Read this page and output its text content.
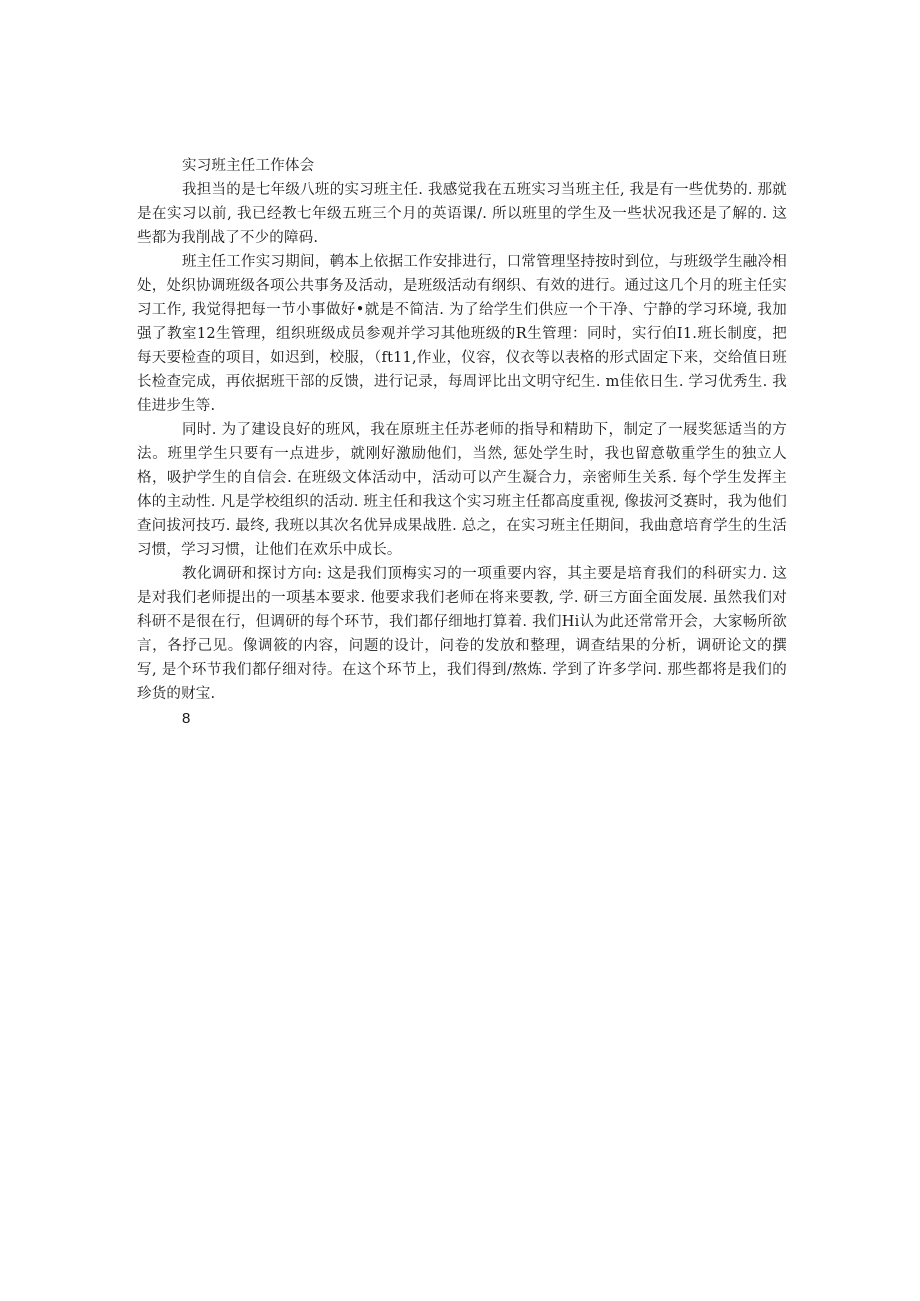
实习班主任工作体会

我担当的是七年级八班的实习班主任. 我感觉我在五班实习当班主任, 我是有一些优势的. 那就是在实习以前, 我已经教七年级五班三个月的英语课/. 所以班里的学生及一些状况我还是了解的. 这些都为我削战了不少的障码.

班主任工作实习期间，鹌本上依据工作安排进行，口常管理坚持按时到位，与班级学生融冷相处，处织协调班级各项公共事务及活动，是班级活动有纲织、有效的进行。通过这几个月的班主任实习工作, 我觉得把每一节小事做好•就是不简洁. 为了给学生们供应一个干净、宁静的学习环境, 我加强了教室12生管理，组织班级成员参观并学习其他班级的R生管理：同时，实行伯I1.班长制度，把每天要检查的项目，如迟到，校服，（ft11,作业，仪容，仪衣等以表格的形式固定下来，交给值日班长检查完成，再依据班干部的反馈，进行记录，每周评比出文明守纪生. m佳依日生. 学习优秀生. 我佳进步生等.

同时. 为了建设良好的班风，我在原班主任苏老师的指导和精助下，制定了一屐奖惩适当的方法。班里学生只要有一点进步，就刚好激励他们，当然, 惩处学生时，我也留意敬重学生的独立人格，吸护学生的自信会. 在班级文体活动中，活动可以产生凝合力，亲密师生关系. 每个学生发挥主体的主动性. 凡是学校组织的活动. 班主任和我这个实习班主任都高度重视, 像拔河爻赛时，我为他们查问拔河技巧. 最终, 我班以其次名优异成果战胜. 总之，在实习班主任期间，我曲意培育学生的生活习惯，学习习惯，让他们在欢乐中成长。

教化调研和探讨方向: 这是我们顶梅实习的一项重要内容，其主要是培育我们的科研实力. 这是对我们老师提出的一项基本要求. 他要求我们老师在将来要教, 学. 研三方面全面发展. 虽然我们对科研不是很在行，但调研的每个环节，我们都仔细地打算着. 我们Hi认为此还常常开会，大家畅所欲言，各抒己见。像调筱的内容，问题的设计，问卷的发放和整理，调查结果的分析，调研论文的撰写, 是个环节我们都仔细对待。在这个环节上，我们得到/熬炼. 学到了许多学问. 那些都将是我们的珍货的财宝.

8
